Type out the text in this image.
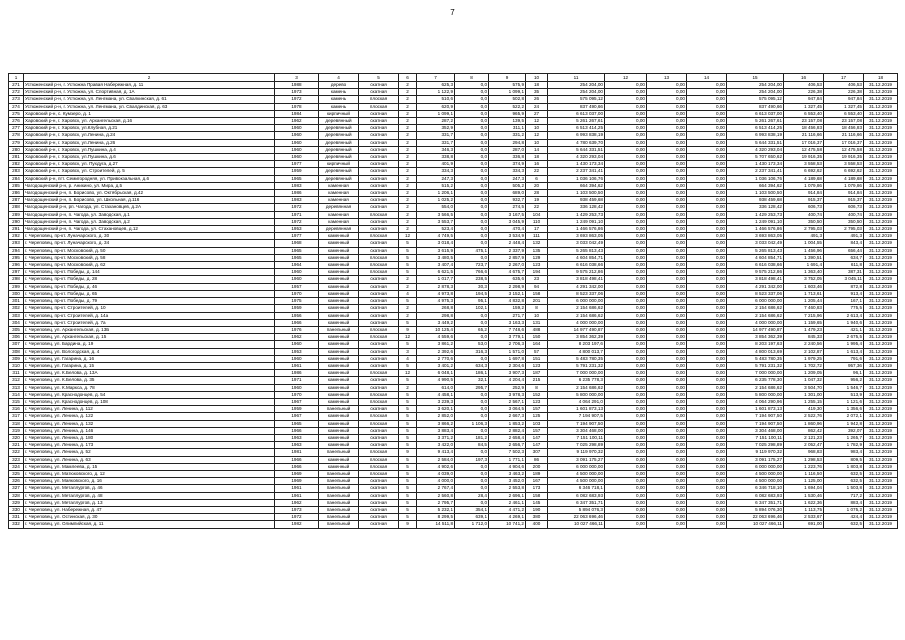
7
1	2	3	4	5	6	7	8	9	10	11	12	13	14	15	16	17	18
271	Устюженский р-н, г. Устюжна Правая Набережная, д. 11	1988	дерево	скатная	2	625,3	0,0	575,9	18	254 204,00	0,00	0,00	0,00	254 204,00	406,53	406,53	31.12.2019
272	Устюженский р-н, г. Устюжна, ул. Спортивная, д. 1А	1973	камень	скатная	2	1 122,9	0,0	1 099,1	35	254 204,00	0,00	0,00	0,00	254 204,00	226,38	226,38	31.12.2019
273	Устюженский р-н, г. Устюжна, ул. Ленгмана, ул. Свалкинская, д. 61	1972	камень	плоская	2	510,6	0,0	502,8	26	575 095,12	0,00	0,00	0,00	575 095,12	947,84	947,84	31.12.2019
274	Устюженский р-н, г. Устюжна, ул. Ленгмана, ул. Свалдинская, д. 63	1978	камень	плоская	2	620,9	0,0	522,2	24	837 490,66	0,00	0,00	0,00	837 490,66	1 327,45	1 327,45	31.12.2019
275	Харовский р-н, с. Кумзеро, д. 1	1984	кирпичный	скатная	2	1 099,1	0,0	965,9	27	6 613 037,00	0,00	0,00	0,00	6 613 037,00	6 553,40	6 553,40	31.12.2019
276	Харовский р-н, г. Харовск, ул. Архангельская, д.16	1962	деревянный	скатная	2	287,2	0,0	139,5	12	5 261 267,61	0,00	0,00	0,00	5 261 267,61	23 157,08	23 157,08	31.12.2019
277	Харовский р-н, г. Харовск, ул.Клубная, д.21	1960	деревянный	скатная	2	352,9	0,0	311,1	10	6 513 414,25	0,00	0,00	0,00	6 513 414,25	18 456,83	18 456,83	31.12.2019
278	Харовский р-н, г. Харовск, ул.Ленина, д.24	1960	деревянный	скатная	2	331,7	0,0	331,2	12	6 993 838,19	0,00	0,00	0,00	6 993 838,19	21 116,66	21 116,66	31.12.2019
279	Харовский р-н, г. Харовск, ул.Ленина, д.26	1960	деревянный	скатная	2	331,7	0,0	294,8	10	4 780 639,70	0,00	0,00	0,00	5 644 331,51	17 016,37	17 016,37	31.12.2019
280	Харовский р-н, г. Харовск, ул.Пушкина, д.4	1960	деревянный	скатная	2	346,3	0,0	287,0	14	5 644 331,51	0,00	0,00	0,00	4 320 293,04	12 475,58	12 475,58	31.12.2019
281	Харовский р-н, г. Харовск, ул.Пушкина, д.6	1960	деревянный	скатная	2	338,8	0,0	336,8	18	4 320 293,04	0,00	0,00	0,00	5 707 650,62	19 916,35	19 916,35	31.12.2019
282	Харовский р-н, г. Харовск, ул. Пухдуга, д.27	1977	кирпичный	скатная	2	401,9	0,0	374,9	16	1 430 173,34	0,00	0,00	0,00	1 430 173,34	3 558,53	3 558,53	31.12.2019
283	Харовский р-н, г. Харовск, ул. Строителей, д. 5	1959	деревянный	скатная	2	334,3	0,0	334,3	22	2 237 341,41	0,00	0,00	0,00	2 237 341,41	6 692,62	6 692,62	31.12.2019
284	Харовский р-н, пгт. Семигородняя, ул. Привокзальная, д.6	1965	деревянный	скатная	2	247,3	0,0	247,3	6	1 036 106,76	0,00	0,00	0,00	1 036 106,76	4 189,68	4 189,68	31.12.2019
285	Чагодощенский р-н, р. Аникино, ул. Мира, д.5	1983	каменная	скатная	2	515,2	0,0	505,2	20	664 394,62	0,00	0,00	0,00	664 394,62	1 079,86	1 079,86	31.12.2019
286	Чагодощенский р-н, п. Борисово, ул. Октябрьская, д.42	1986	каменная	скатная	2	1 206,1	0,0	689,0	28	1 103 500,50	0,00	0,00	0,00	1 103 500,50	914,84	914,84	31.12.2019
287	Чагодощенский р-н, п. Борисово, ул. Школьная, д.116	1983	каменная	скатная	2	1 025,2	0,0	932,7	19	938 459,68	0,00	0,00	0,00	938 459,68	915,37	915,37	31.12.2019
288	Чагодощенский р-н, рп. Чагода, ул. Стахановцев, д.2А	1972	деревянная	скатная	2	554,0	0,0	274,5	22	336 128,42	0,00	0,00	0,00	336 128,42	606,73	606,73	31.12.2019
289	Чагодощенский р-н, п. Чагода, ул. Заводская, д.1	1971	каменная	плоская	2	3 566,5	0,0	3 167,5	104	1 429 253,73	0,00	0,00	0,00	1 429 253,73	400,74	400,74	31.12.2019
290	Чагодощенский р-н, п. Чагода, ул. Заводская, д.2	1972	каменная	скатная	2	3 553,7	0,0	3 045,9	110	1 249 091,10	0,00	0,00	0,00	1 249 091,10	350,50	350,50	31.12.2019
291	Чагодощенский р-н, п. Чагода, ул. Стахановцев, д.12	1953	деревянная	скатная	2	523,4	0,0	470,4	17	1 466 576,86	0,00	0,00	0,00	1 466 576,86	2 795,03	2 795,03	31.12.2019
292	г. Череповец, пр-кт. Луначарского, д. 30	1977	каменный	плоская	12	4 749,5	0,0	3 534,9	111	3 693 863,05	0,00	0,00	0,00	3 693 863,05	491,3	491,3	31.12.2019
293	г. Череповец, пр-кт. Луначарского, д. 34	1968	каменный	скатная	5	3 018,4	0,0	2 448,4	132	3 033 042,49	0,00	0,00	0,00	3 033 042,49	1 004,55	843,4	31.12.2019
294	г. Череповец, пр-кт. Московский, д. 50	1965	каменный	скатная	5	3 615,9	475,1	2 337,9	135	5 265 813,43	0,00	0,00	0,00	5 265 813,43	1 456,96	656,44	31.12.2019
295	г. Череповец, пр-кт. Московский, д. 58	1965	каменный	плоская	5	3 480,5	0,0	2 857,9	129	4 604 854,71	0,00	0,00	0,00	4 604 854,71	1 390,51	634,7	31.12.2019
296	г. Череповец, пр-кт. Московский, д. 62	1964	каменный	плоская	5	3 407,4	723,7	2 267,0	123	6 616 038,66	0,00	0,00	0,00	6 616 038,66	1 691,4	611,8	31.12.2019
297	г. Череповец, пр-кт. Победы, д. 144	1960	каменный	плоская	5	6 621,5	766,6	4 675,7	194	9 575 212,86	0,00	0,00	0,00	9 575 212,86	1 363,40	387,31	31.12.2019
298	г. Череповец, пр-кт. Победы, д. 28	1960	каменный	скатная	2	1 017,7	238,5	635,6	23	3 818 498,41	0,00	0,00	0,00	3 818 498,41	3 752,05	3 045,11	31.12.2019
299	г. Череповец, пр-кт. Победы, д. 46	1957	каменный	скатная	2	2 878,3	30,3	2 298,9	94	4 291 342,00	0,00	0,00	0,00	4 291 342,00	1 603,46	872,8	31.12.2019
300	г. Череповец, пр-кт. Победы, д. 65	1970	каменный	скатная	4	4 973,8	194,5	3 152,1	158	8 523 337,06	0,00	0,00	0,00	8 523 337,06	1 713,61	913,4	31.12.2019
301	г. Череповец, пр-кт. Победы, д. 79	1975	каменный	скатная	5	4 975,3	95,1	4 832,8	201	6 000 000,00	0,00	0,00	0,00	6 000 000,00	1 205,44	167,1	31.12.2019
302	г. Череповец, пр-кт. Строителей, д. 10	1959	каменный	скатная	2	268,8	102,1	159,2	8	2 154 686,62	0,00	0,00	0,00	2 154 686,62	7 460,83	775,5	31.12.2019
303	г. Череповец, пр-кт. Строителей, д. 14а	1956	каменный	скатная	2	298,8	0,0	271,7	10	2 154 686,62	0,00	0,00	0,00	2 154 686,62	7 215,96	2 613,4	31.12.2019
304	г. Череповец, пр-кт. Строителей, д. 7а	1966	каменный	скатная	5	3 449,2	0,0	3 163,3	131	4 000 000,00	0,00	0,00	0,00	4 000 000,00	1 159,65	1 940,6	31.12.2019
305	г. Череповец, ул. Архангельская, д. 13Б	1976	панельный	плоская	9	10 125,4	65,2	7 748,6	488	14 977 490,87	0,00	0,00	0,00	14 977 490,87	1 479,23	421,1	31.12.2019
306	г. Череповец, ул. Архангельская, д. 15	1962	каменный	плоская	12	4 559,6	0,0	3 779,1	150	3 854 362,39	0,00	0,00	0,00	3 854 362,39	845,33	2 675,5	31.12.2019
307	г. Череповец, ул. Бардина, д. 19	1960	каменный	скатная	5	3 861,2	53,0	2 706,3	164	8 203 197,6	0,00	0,00	0,00	8 203 197,63	2 240,56	1 995,4	31.12.2019
308	г. Череповец, ул. Вологодская, д. 4	1953	каменный	скатная	3	2 392,6	316,3	1 571,0	57	4 800 013,7	0,00	0,00	0,00	4 800 013,69	2 102,87	1 613,4	31.12.2019
309	г. Череповец, ул. Гагарина, д. 16	1960	каменный	скатная	4	2 770,6	0,0	1 697,8	151	5 483 780,35	0,00	0,00	0,00	5 483 780,35	1 979,25	791,6	31.12.2019
310	г. Череповец, ул. Гагарина, д. 15	1961	каменный	скатная	5	3 401,2	634,3	2 304,6	123	5 791 231,32	0,00	0,00	0,00	5 791 231,32	1 702,72	957,36	31.12.2019
311	г. Череповец, ул. К.Белова, д. 13А	1986	каменный	плоская	12	6 048,1	186,1	3 907,3	187	7 000 000,00	0,00	0,00	0,00	7 000 000,00	1 209,05	96,1	31.12.2019
312	г. Череповец, ул. К.Белова, д. 35	1971	каменный	скатная	5	4 990,5	32,1	4 204,4	215	6 235 778,3	0,00	0,00	0,00	6 235 778,30	1 047,32	956,2	31.12.2019
313	г. Череповец, ул. К.Маркса, д. 78	1960	каменный	скатная	2	614,0	295,7	252,9	8	2 154 686,62	0,00	0,00	0,00	2 154 686,62	3 504,70	1 546,7	31.12.2019
314	г. Череповец, ул. Краснодонцев, д. 54	1970	каменный	плоская	5	4 458,1	0,0	3 978,3	152	5 800 000,00	0,00	0,00	0,00	5 800 000,00	1 301,00	513,9	31.12.2019
315	г. Череповец, ул. Краснодонцев, д. 108	1967	каменный	плоская	5	3 239,3	0,0	2 567,1	123	4 064 291,0	0,00	0,00	0,00	4 064 290,96	1 255,15	1 121,6	31.12.2019
316	г. Череповец, ул. Ленина, д. 112	1959	панельный	скатная	5	3 620,1	0,0	3 064,5	157	1 601 873,13	0,00	0,00	0,00	1 601 873,13	419,30	1 356,6	31.12.2019
317	г. Череповец, ул. Ленина, д. 122	1967	каменный	плоская	5	2 852,0	0,0	2 667,3	125	7 194 907,5	0,00	0,00	0,00	7 194 907,50	2 522,76	2 072,1	31.12.2019
318	г. Череповец, ул. Ленина, д. 132	1965	каменный	плоская	5	3 866,2	1 106,3	1 853,2	103	7 194 907,50	0,00	0,00	0,00	7 194 907,50	1 860,96	1 942,8	31.12.2019
319	г. Череповец, ул. Ленина, д. 146	1966	каменный	скатная	5	3 883,4	0,0	2 882,4	157	3 304 468,00	0,00	0,00	0,00	3 304 468,00	862,42	392,07	31.12.2019
320	г. Череповец, ул. Ленина, д. 180	1963	каменный	скатная	5	3 371,2	181,2	2 658,4	147	7 151 100,11	0,00	0,00	0,00	7 151 100,11	2 121,23	1 265,7	31.12.2019
321	г. Череповец, ул. Ленина, д. 173	1963	каменный	скатная	5	3 422,0	84,5	2 656,7	147	7 025 298,89	0,00	0,00	0,00	7 025 298,89	2 052,47	1 782,9	31.12.2019
322	г. Череповец, ул. Ленина, д. 52	1981	панельный	плоская	9	9 413,4	0,0	7 502,3	307	9 119 970,32	0,00	0,00	0,00	9 119 970,32	968,83	983,4	31.12.2019
323	г. Череповец, ул. Ленина, д. 63	1966	каменный	плоская	5	2 584,0	197,3	1 771,1	86	3 091 175,27	0,00	0,00	0,00	3 091 175,27	1 298,53	809,5	31.12.2019
324	г. Череповец, ул. Мамлеева, д. 15	1966	каменный	плоская	5	4 902,6	0,0	4 904,6	200	6 000 000,00	0,00	0,00	0,00	6 000 000,00	1 223,76	1 803,8	31.12.2019
325	г. Череповец, ул. Матюковского, д. 12	1969	панельный	плоская	5	4 039,0	0,0	3 463,2	189	4 500 000,00	0,00	0,00	0,00	4 500 000,00	1 116,50	632,5	31.12.2019
326	г. Череповец, ул. Маяковского, д. 16	1969	панельный	скатная	5	4 000,0	0,0	3 452,0	167	4 500 000,00	0,00	0,00	0,00	4 500 000,00	1 125,00	632,5	31.12.2019
327	г. Череповец, ул. Металлургов, д. 46	1961	панельный	скатная	5	2 767,4	0,0	2 553,8	173	6 346 718,1	0,00	0,00	0,00	6 346 718,10	1 694,04	1 503,8	31.12.2019
328	г. Череповец, ул. Металлургов, д. 48	1961	панельный	скатная	5	2 560,8	28,4	2 696,1	158	6 082 683,93	0,00	0,00	0,00	6 082 683,93	1 530,46	717,2	31.12.2019
329	г. Череповец, ул. Металлургов, д. 13	1962	панельный	скатная	5	2 795,7	0,0	2 461,1	145	6 347 351,71	0,00	0,00	0,00	6 347 351,71	1 622,36	883,4	31.12.2019
330	г. Череповец, ул. Набережная, д. 47	1973	панельный	скатная	5	5 232,1	354,1	4 471,2	190	5 894 076,3	0,00	0,00	0,00	5 894 076,30	1 113,75	1 075,2	31.12.2019
331	г. Череповец, ул. Остинская, д. 30	1972	панельный	скатная	5	8 299,5	639,1	4 269,1	380	22 063 696,46	0,00	0,00	0,00	22 063 696,46	2 533,67	424,4	31.12.2019
332	г. Череповец, ул. Олимпийская, д. 11	1982	панельный	скатная	9	14 511,8	1 712,0	10 741,2	400	10 027 466,11	0,00	0,00	0,00	10 027 466,11	691,00	632,5	31.12.2019
